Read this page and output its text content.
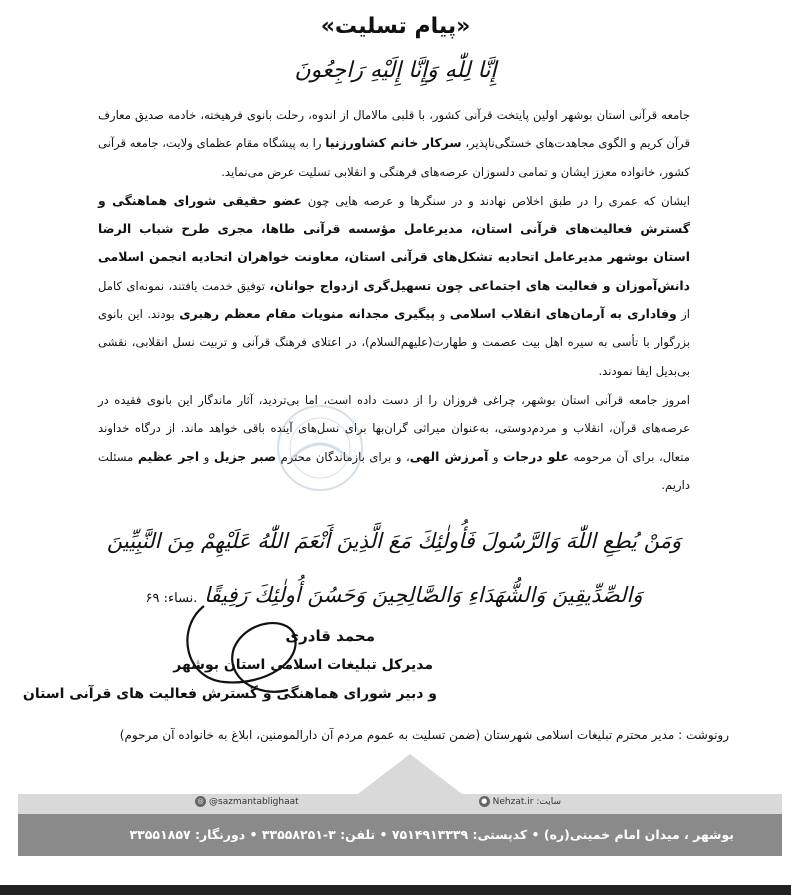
«پیام تسلیت»
إِنَّا لِلّٰهِ وَإِنَّا إِلَيْهِ رَاجِعُونَ

جامعه قرآنی استان بوشهر اولین پایتخت قرآنی کشور، با قلبی مالامال از اندوه، رحلت بانوی فرهیخته، خادمه صدیق معارف قرآن کریم و الگوی مجاهدت‌های خستگی‌ناپذیر، سرکار خانم کشاورزنیا را به پیشگاه مقام عظمای ولایت، جامعه قرآنی کشور، خانواده معزز ایشان و تمامی دلسوزان عرصه‌های فرهنگی و انقلابی تسلیت عرض می‌نماید.

ایشان که عمری را در طبق اخلاص نهادند و در سنگرها و عرصه هایی چون عضو حقیقی شورای هماهنگی و گسترش فعالیت‌های قرآنی استان، مدیرعامل مؤسسه قرآنی طاها، مجری طرح شباب الرضا استان بوشهر مدیرعامل اتحادیه تشکل‌های قرآنی استان، معاونت خواهران اتحادیه انجمن اسلامی دانش‌آموزان و فعالیت های اجتماعی چون تسهیل‌گری ازدواج جوانان، توفیق خدمت یافتند، نمونه‌ای کامل از وفاداری به آرمان‌های انقلاب اسلامی و پیگیری مجدانه منویات مقام معظم رهبری بودند. این بانوی بزرگوار با تأسی به سیره اهل بیت عصمت و طهارت(علیهم‌السلام)، در اعتلای فرهنگ قرآنی و تربیت نسل انقلابی، نقشی بی‌بدیل ایفا نمودند.

امروز جامعه قرآنی استان بوشهر، چراغی فروزان را از دست داده است، اما بی‌تردید، آثار ماندگار این بانوی فقیده در عرصه‌های قرآن، انقلاب و مردم‌دوستی، به‌عنوان میراثی گران‌بها برای نسل‌های آینده باقی خواهد ماند. از درگاه خداوند متعال، برای آن مرحومه علو درجات و آمرزش الهی، و برای بازماندگان محترم صبر جزیل و اجر عظیم مسئلت داریم.

وَمَنْ يُطِعِ اللّٰهَ وَالرَّسُولَ فَأُولٰئِكَ مَعَ الَّذِينَ أَنْعَمَ اللّٰهُ عَلَيْهِمْ مِنَ النَّبِيِّينَ وَالصِّدِّيقِينَ وَالشُّهَدَاءِ وَالصَّالِحِينَ وَحَسُنَ أُولٰئِكَ رَفِيقًا .نساء: ۶۹
محمد قادری
مدیرکل تبلیغات اسلامی استان بوشهر
و دبیر شورای هماهنگی و گسترش فعالیت های قرآنی استان
رونوشت : مدیر محترم تبلیغات اسلامی شهرستان (ضمن تسلیت به عموم مردم آن دارالمومنین، ابلاغ به خانواده آن مرحوم)
سایت: Nehzat.ir●
◎ @sazmantablighaat
بوشهر ، میدان امام خمینی(ره) • کدپستی: ۷۵۱۴۹۱۳۳۳۹ • تلفن: ۳-۳۳۵۵۸۲۵۱ • دورنگار: ۳۳۵۵۱۸۵۷
